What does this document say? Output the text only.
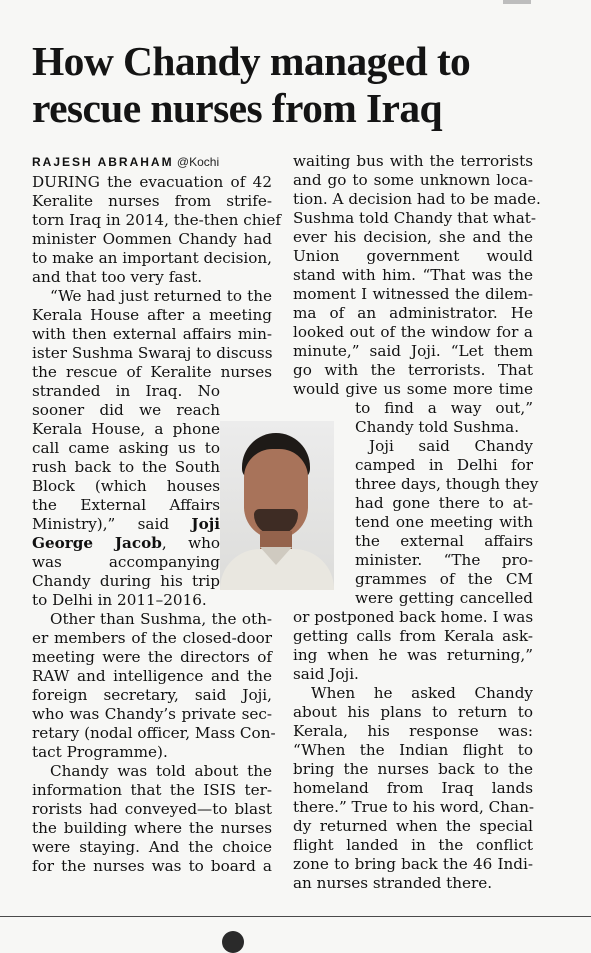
How Chandy managed to
rescue nurses from Iraq
RAJESH ABRAHAM @Kochi
DURING the evacuation of 42
Keralite nurses from strife-
torn Iraq in 2014, the-then chief
minister Oommen Chandy had
to make an important decision,
and that too very fast.
“We had just returned to the
Kerala House after a meeting
with then external affairs min-
ister Sushma Swaraj to discuss
the rescue of Keralite nurses
stranded in Iraq. No
sooner did we reach
Kerala House, a phone
call came asking us to
rush back to the South
Block (which houses
the External Affairs
Ministry),” said Joji
George Jacob, who
was accompanying
Chandy during his trip
to Delhi in 2011–2016.
Other than Sushma, the oth-
er members of the closed-door
meeting were the directors of
RAW and intelligence and the
foreign secretary, said Joji,
who was Chandy’s private sec-
retary (nodal officer, Mass Con-
tact Programme).
Chandy was told about the
information that the ISIS ter-
rorists had conveyed—to blast
the building where the nurses
were staying. And the choice
for the nurses was to board a
waiting bus with the terrorists
and go to some unknown loca-
tion. A decision had to be made.
Sushma told Chandy that what-
ever his decision, she and the
Union government would
stand with him. “That was the
moment I witnessed the dilem-
ma of an administrator. He
looked out of the window for a
minute,” said Joji. “Let them
go with the terrorists. That
would give us some more time
to find a way out,”
Chandy told Sushma.
Joji said Chandy
camped in Delhi for
three days, though they
had gone there to at-
tend one meeting with
the external affairs
minister. “The pro-
grammes of the CM
were getting cancelled
or postponed back home. I was
getting calls from Kerala ask-
ing when he was returning,”
said Joji.
When he asked Chandy
about his plans to return to
Kerala, his response was:
“When the Indian flight to
bring the nurses back to the
homeland from Iraq lands
there.” True to his word, Chan-
dy returned when the special
flight landed in the conflict
zone to bring back the 46 Indi-
an nurses stranded there.
